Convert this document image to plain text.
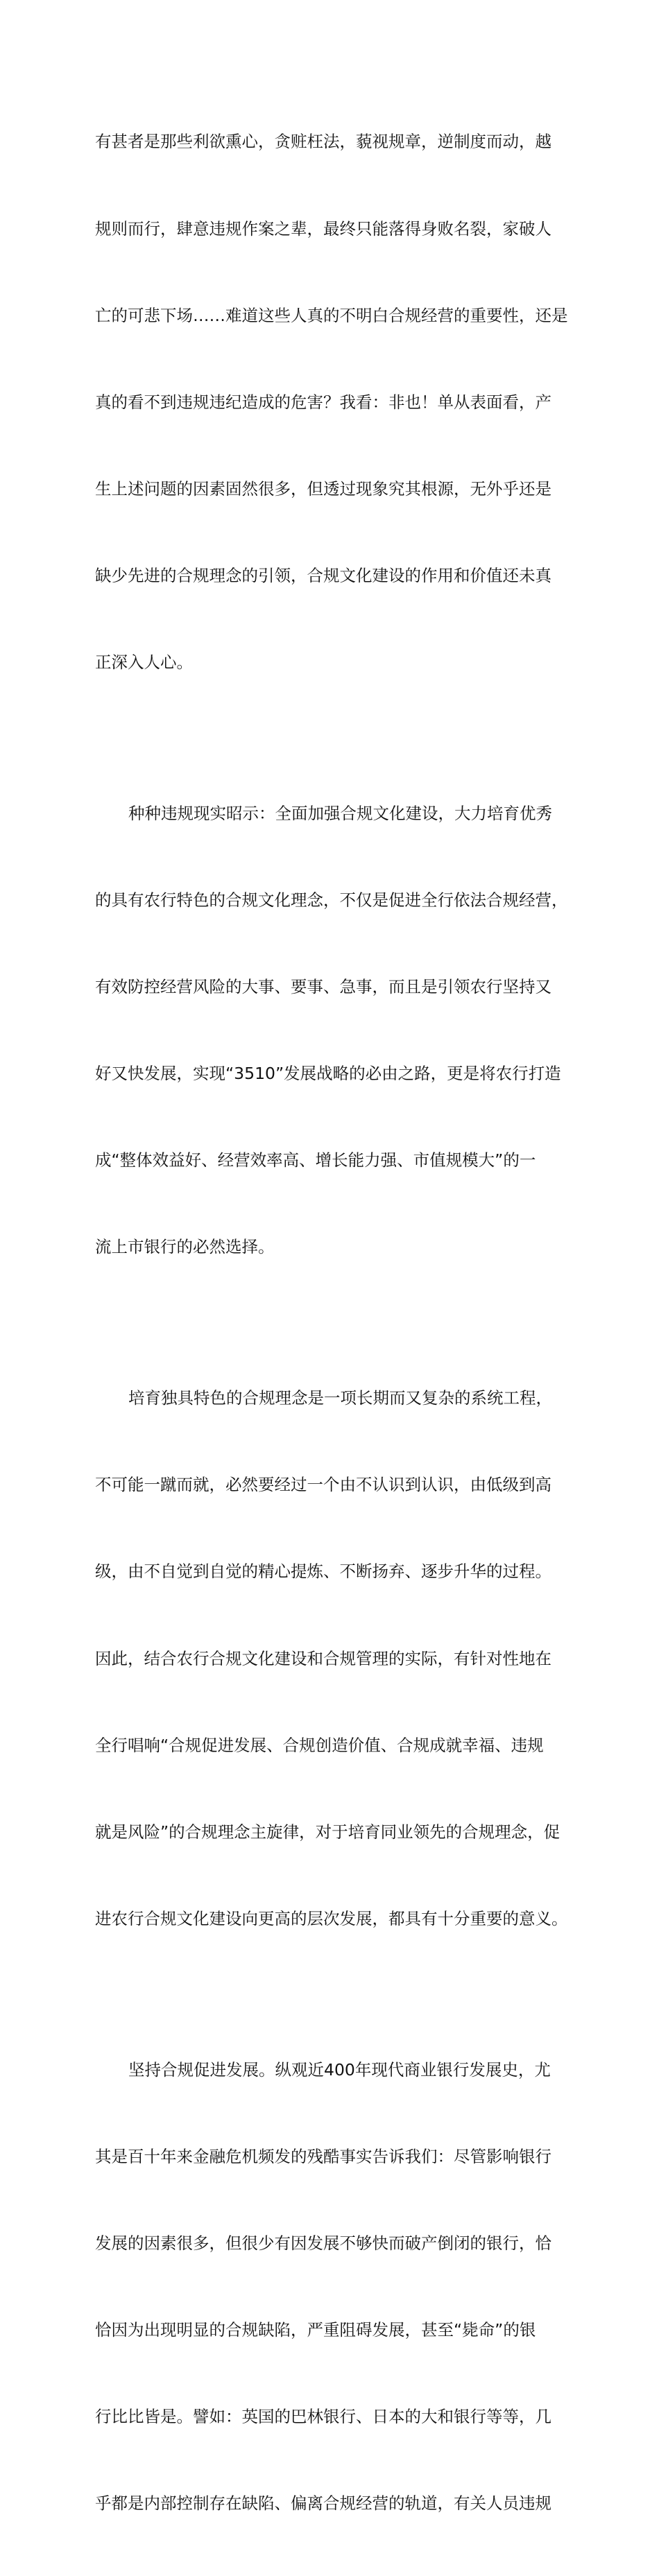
有甚者是那些利欲熏心，贪赃枉法，藐视规章，逆制度而动，越

规则而行，肆意违规作案之辈，最终只能落得身败名裂，家破人

亡的可悲下场……难道这些人真的不明白合规经营的重要性，还是

真的看不到违规违纪造成的危害？我看：非也！单从表面看，产

生上述问题的因素固然很多，但透过现象究其根源，无外乎还是

缺少先进的合规理念的引领，合规文化建设的作用和价值还未真

正深入人心。

种种违规现实昭示：全面加强合规文化建设，大力培育优秀

的具有农行特色的合规文化理念，不仅是促进全行依法合规经营，

有效防控经营风险的大事、要事、急事，而且是引领农行坚持又

好又快发展，实现“3510”发展战略的必由之路，更是将农行打造

成“整体效益好、经营效率高、增长能力强、市值规模大”的一

流上市银行的必然选择。

培育独具特色的合规理念是一项长期而又复杂的系统工程，

不可能一蹴而就，必然要经过一个由不认识到认识，由低级到高

级，由不自觉到自觉的精心提炼、不断扬弃、逐步升华的过程。

因此，结合农行合规文化建设和合规管理的实际，有针对性地在

全行唱响“合规促进发展、合规创造价值、合规成就幸福、违规

就是风险”的合规理念主旋律，对于培育同业领先的合规理念，促

进农行合规文化建设向更高的层次发展，都具有十分重要的意义。

坚持合规促进发展。纵观近400年现代商业银行发展史，尤

其是百十年来金融危机频发的残酷事实告诉我们：尽管影响银行

发展的因素很多，但很少有因发展不够快而破产倒闭的银行，恰

恰因为出现明显的合规缺陷，严重阻碍发展，甚至“毙命”的银

行比比皆是。譬如：英国的巴林银行、日本的大和银行等等，几

乎都是内部控制存在缺陷、偏离合规经营的轨道，有关人员违规
